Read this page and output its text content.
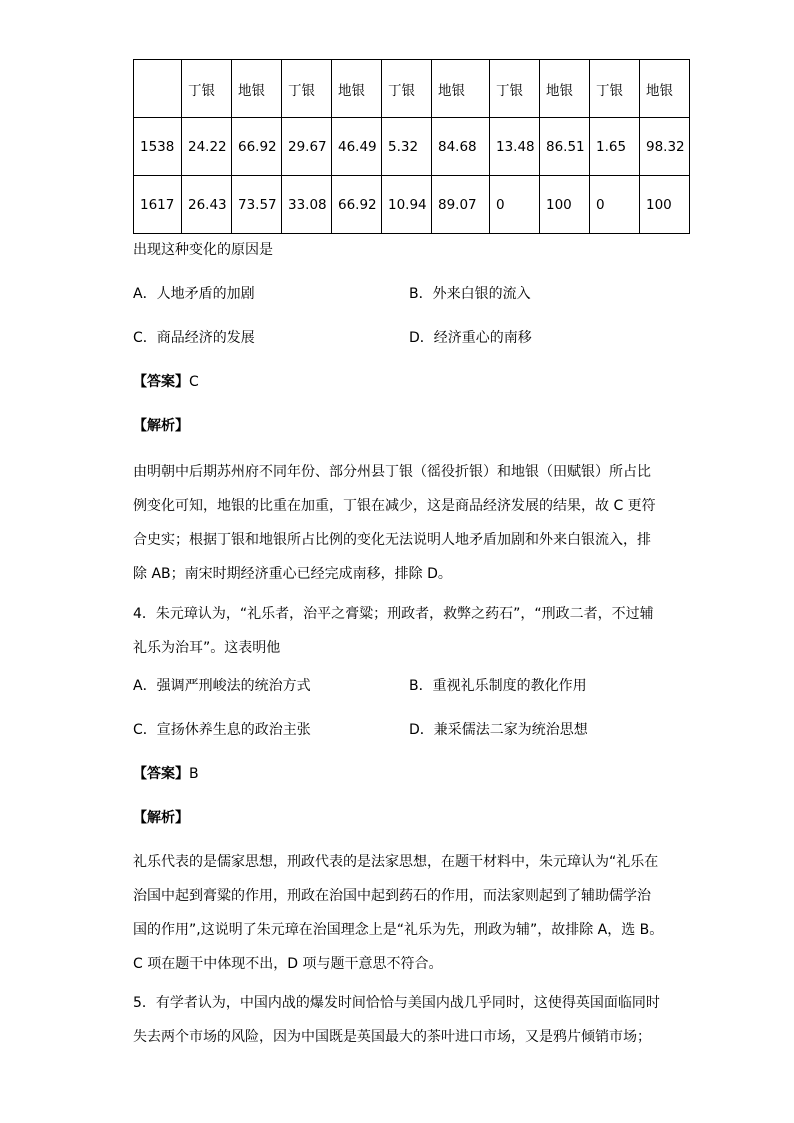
	丁银	地银	丁银	地银	丁银	地银	丁银	地银	丁银	地银
1538	24.22	66.92	29.67	46.49	5.32	84.68	13.48	86.51	1.65	98.32
1617	26.43	73.57	33.08	66.92	10.94	89.07	0	100	0	100
出现这种变化的原因是
A．人地矛盾的加剧	B．外来白银的流入
C．商品经济的发展	D．经济重心的南移
【答案】C
【解析】
由明朝中后期苏州府不同年份、部分州县丁银（徭役折银）和地银（田赋银）所占比
例变化可知，地银的比重在加重，丁银在减少，这是商品经济发展的结果，故 C 更符
合史实；根据丁银和地银所占比例的变化无法说明人地矛盾加剧和外来白银流入，排
除 AB；南宋时期经济重心已经完成南移，排除 D。
4．朱元璋认为，“礼乐者，治平之膏粱；刑政者，救弊之药石”，“刑政二者，不过辅
礼乐为治耳”。这表明他
A．强调严刑峻法的统治方式	B．重视礼乐制度的教化作用
C．宣扬休养生息的政治主张	D．兼采儒法二家为统治思想
【答案】B
【解析】
礼乐代表的是儒家思想，刑政代表的是法家思想，在题干材料中，朱元璋认为“礼乐在
治国中起到膏粱的作用，刑政在治国中起到药石的作用，而法家则起到了辅助儒学治
国的作用”,这说明了朱元璋在治国理念上是“礼乐为先，刑政为辅”，故排除 A，选 B。
C 项在题干中体现不出，D 项与题干意思不符合。
5．有学者认为，中国内战的爆发时间恰恰与美国内战几乎同时，这使得英国面临同时
失去两个市场的风险，因为中国既是英国最大的茶叶进口市场，又是鸦片倾销市场；
